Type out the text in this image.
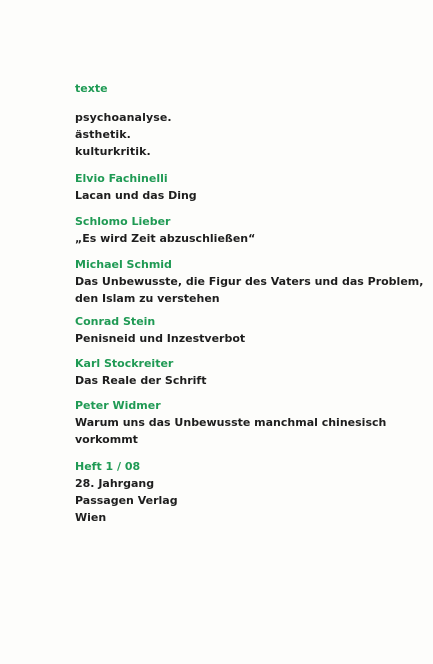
texte
psychoanalyse.
ästhetik.
kulturkritik.
Elvio Fachinelli
Lacan und das Ding
Schlomo Lieber
„Es wird Zeit abzuschließen“
Michael Schmid
Das Unbewusste, die Figur des Vaters und das Problem,
den Islam zu verstehen
Conrad Stein
Penisneid und Inzestverbot
Karl Stockreiter
Das Reale der Schrift
Peter Widmer
Warum uns das Unbewusste manchmal chinesisch
vorkommt
Heft 1 / 08
28. Jahrgang
Passagen Verlag
Wien
